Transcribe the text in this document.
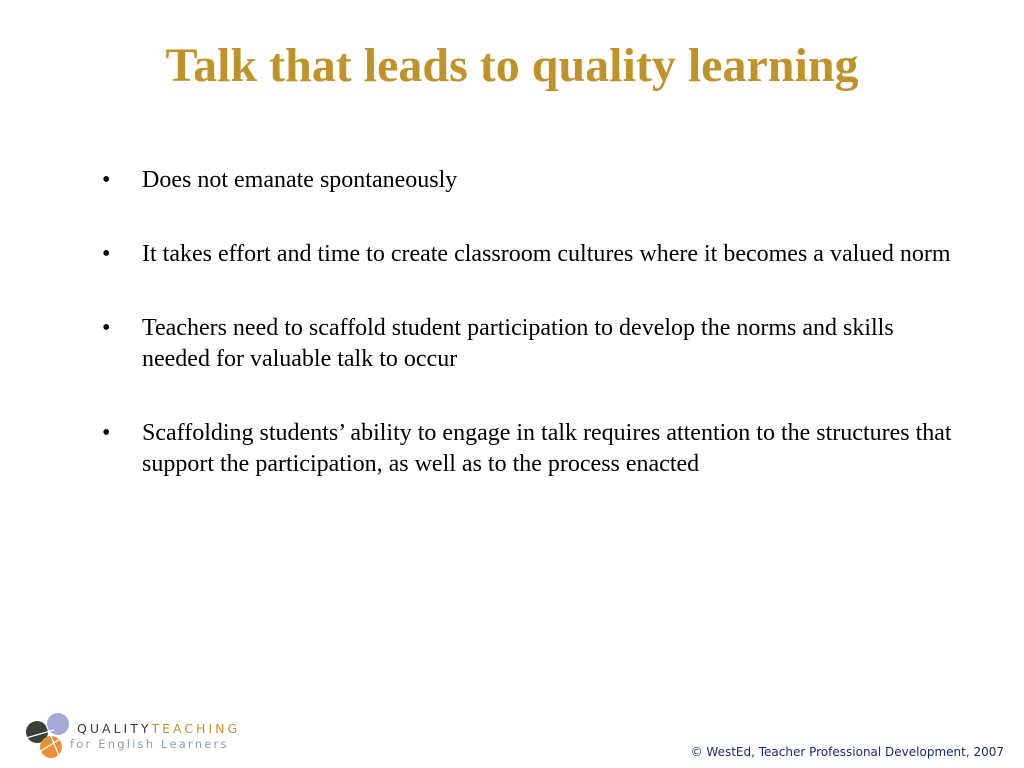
Talk that leads to quality learning
• Does not emanate spontaneously
• It takes effort and time to create classroom cultures where it becomes a valued norm
• Teachers need to scaffold student participation to develop the norms and skills needed for valuable talk to occur
• Scaffolding students’ ability to engage in talk requires attention to the structures that support the participation, as well as to the process enacted
QUALITYTEACHING
for English Learners
© WestEd, Teacher Professional Development, 2007
